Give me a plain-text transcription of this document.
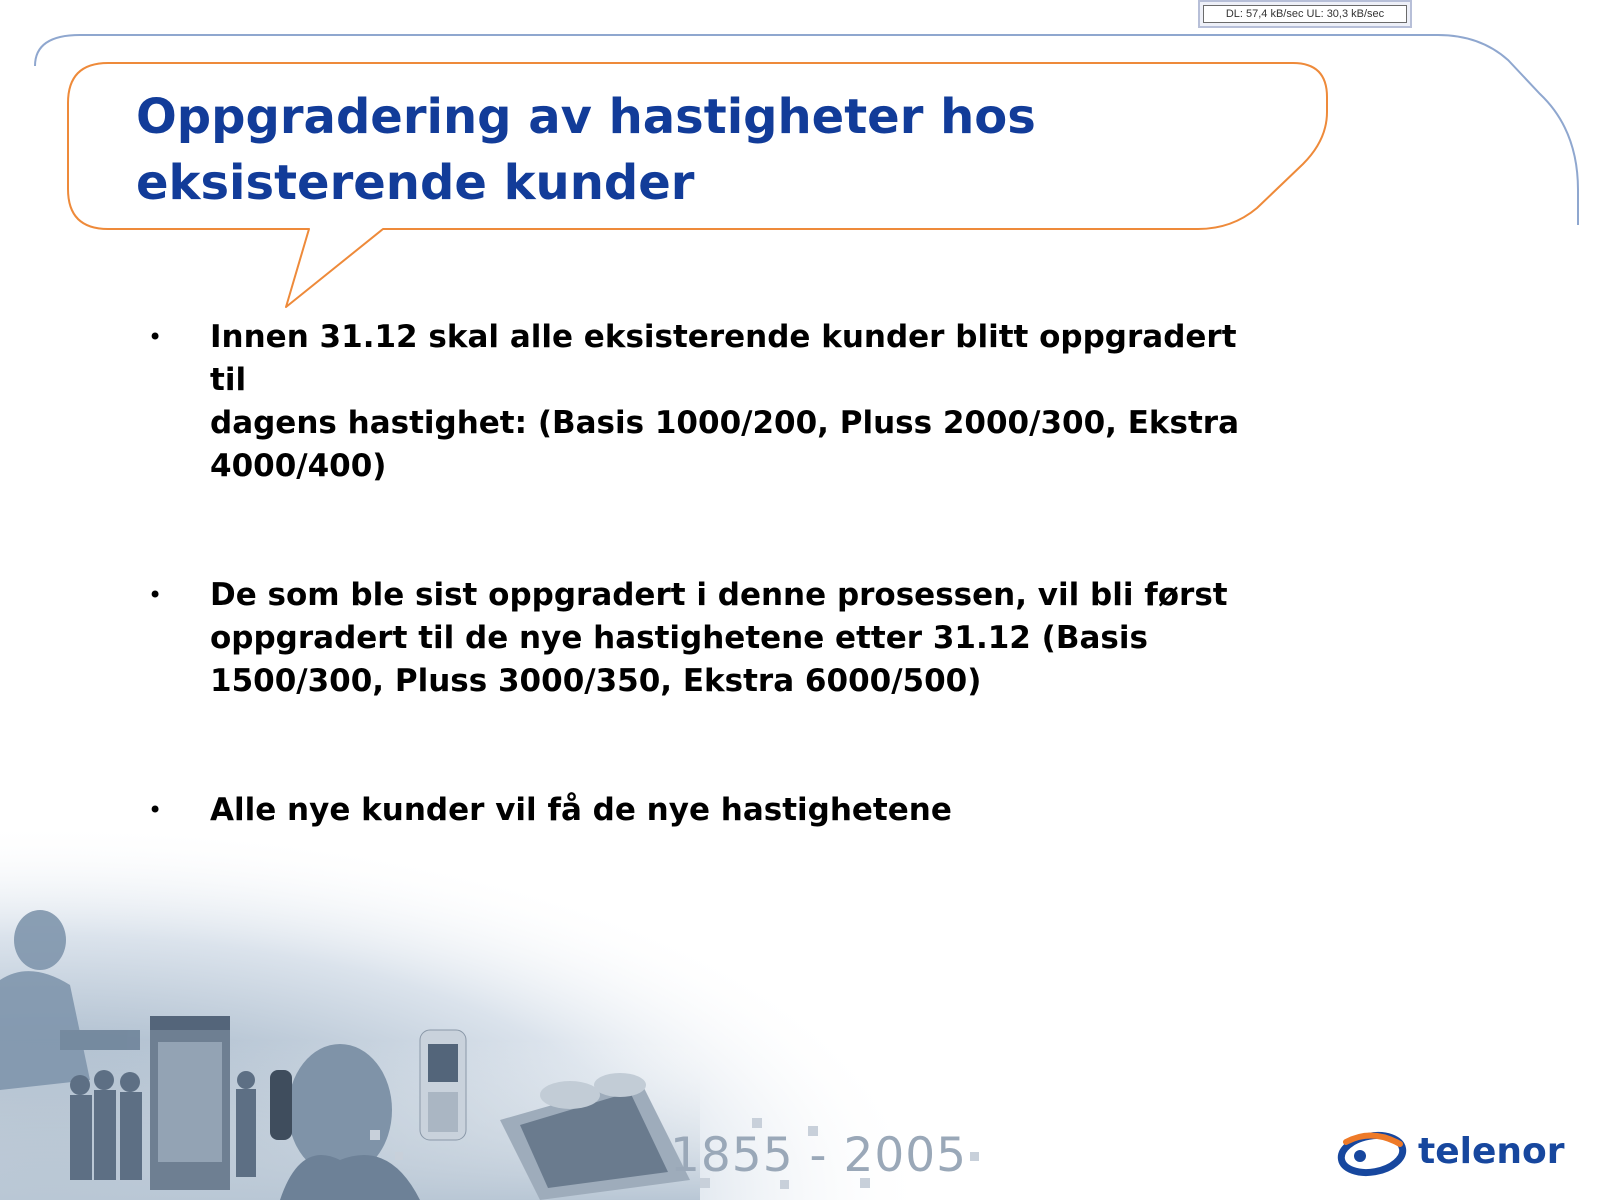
DL: 57,4 kB/sec UL: 30,3 kB/sec
Oppgradering av hastigheter hos
eksisterende kunder
• Innen 31.12 skal alle eksisterende kunder blitt oppgradert til
dagens hastighet: (Basis 1000/200, Pluss 2000/300, Ekstra
4000/400)
• De som ble sist oppgradert i denne prosessen, vil bli først
oppgradert til de nye hastighetene etter 31.12 (Basis
1500/300, Pluss 3000/350, Ekstra 6000/500)
1855 - 2005	telenor
